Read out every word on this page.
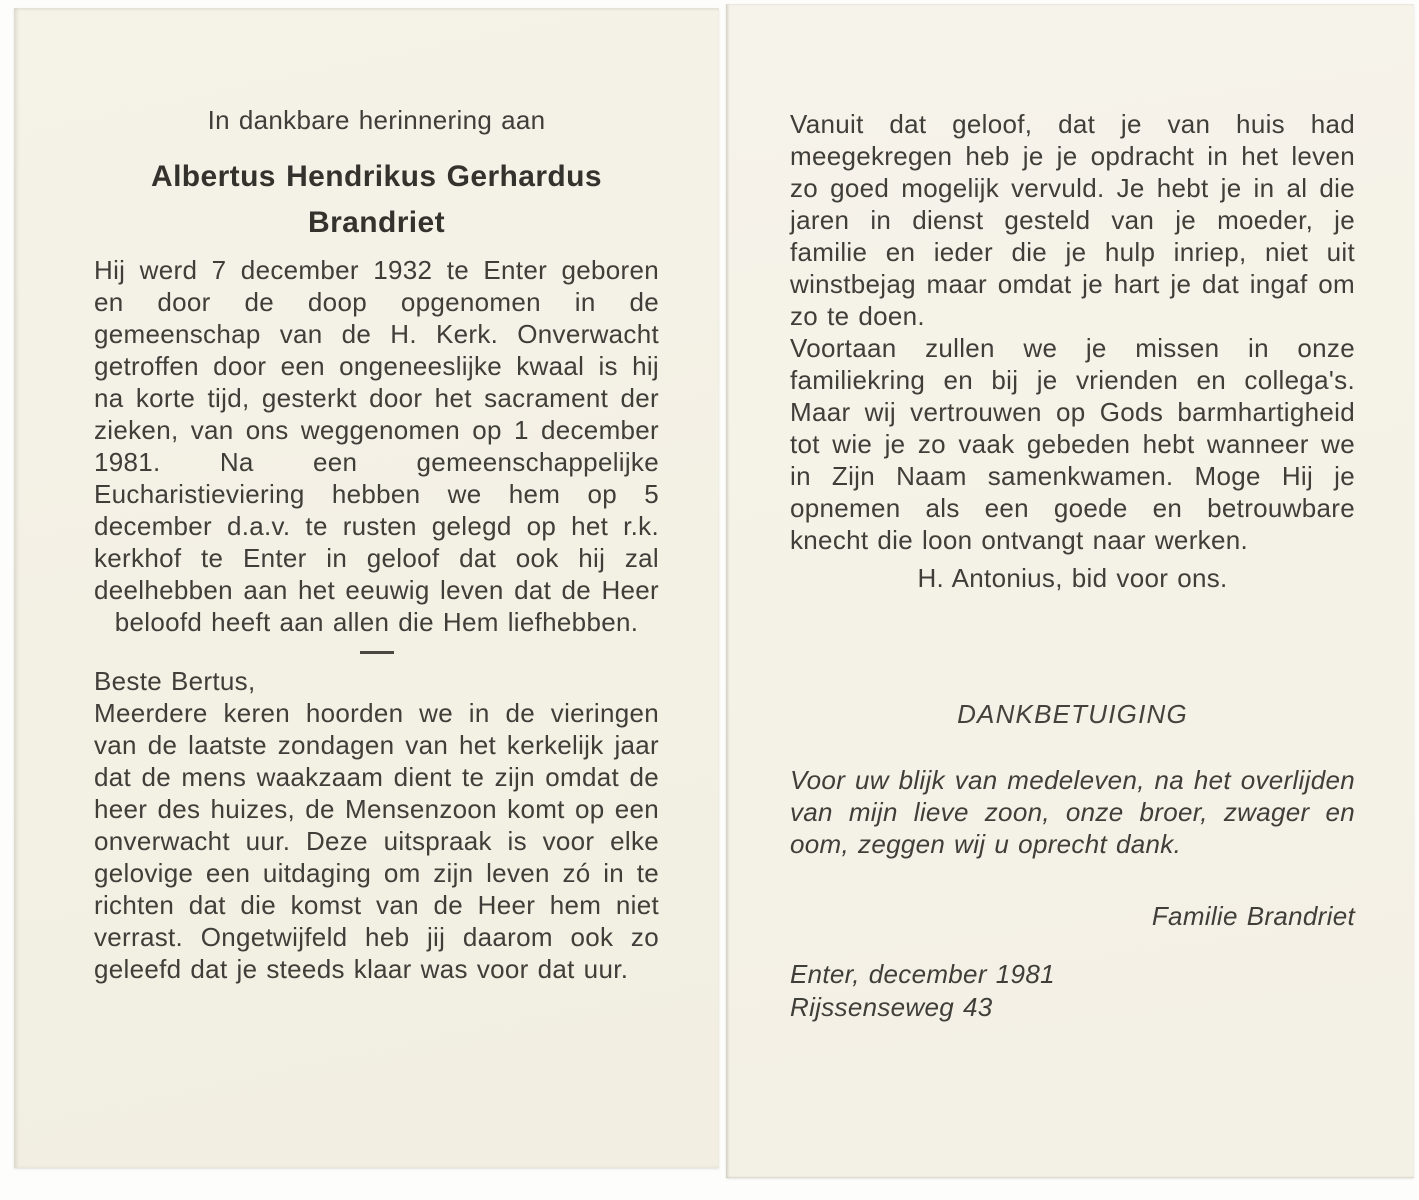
In dankbare herinnering aan
Albertus Hendrikus Gerhardus
Brandriet

Hij werd 7 december 1932 te Enter geboren en door de doop opgenomen in de gemeenschap van de H. Kerk. Onverwacht getroffen door een ongeneeslijke kwaal is hij na korte tijd, gesterkt door het sacrament der zieken, van ons weggenomen op 1 december 1981. Na een gemeenschappelijke Eucharistieviering hebben we hem op 5 december d.a.v. te rusten gelegd op het r.k. kerkhof te Enter in geloof dat ook hij zal deelhebben aan het eeuwig leven dat de Heer beloofd heeft aan allen die Hem liefhebben.

Beste Bertus,

Meerdere keren hoorden we in de vieringen van de laatste zondagen van het kerkelijk jaar dat de mens waakzaam dient te zijn omdat de heer des huizes, de Mensenzoon komt op een onverwacht uur. Deze uitspraak is voor elke gelovige een uitdaging om zijn leven zó in te richten dat die komst van de Heer hem niet verrast. Ongetwijfeld heb jij daarom ook zo geleefd dat je steeds klaar was voor dat uur.

Vanuit dat geloof, dat je van huis had meegekregen heb je je opdracht in het leven zo goed mogelijk vervuld. Je hebt je in al die jaren in dienst gesteld van je moeder, je familie en ieder die je hulp inriep, niet uit winstbejag maar omdat je hart je dat ingaf om zo te doen.

Voortaan zullen we je missen in onze familiekring en bij je vrienden en collega's. Maar wij vertrouwen op Gods barmhartigheid tot wie je zo vaak gebeden hebt wanneer we in Zijn Naam samenkwamen. Moge Hij je opnemen als een goede en betrouwbare knecht die loon ontvangt naar werken.

H. Antonius, bid voor ons.
DANKBETUIGING

Voor uw blijk van medeleven, na het overlijden van mijn lieve zoon, onze broer, zwager en oom, zeggen wij u oprecht dank.

Familie Brandriet
Enter, december 1981
Rijssenseweg 43
